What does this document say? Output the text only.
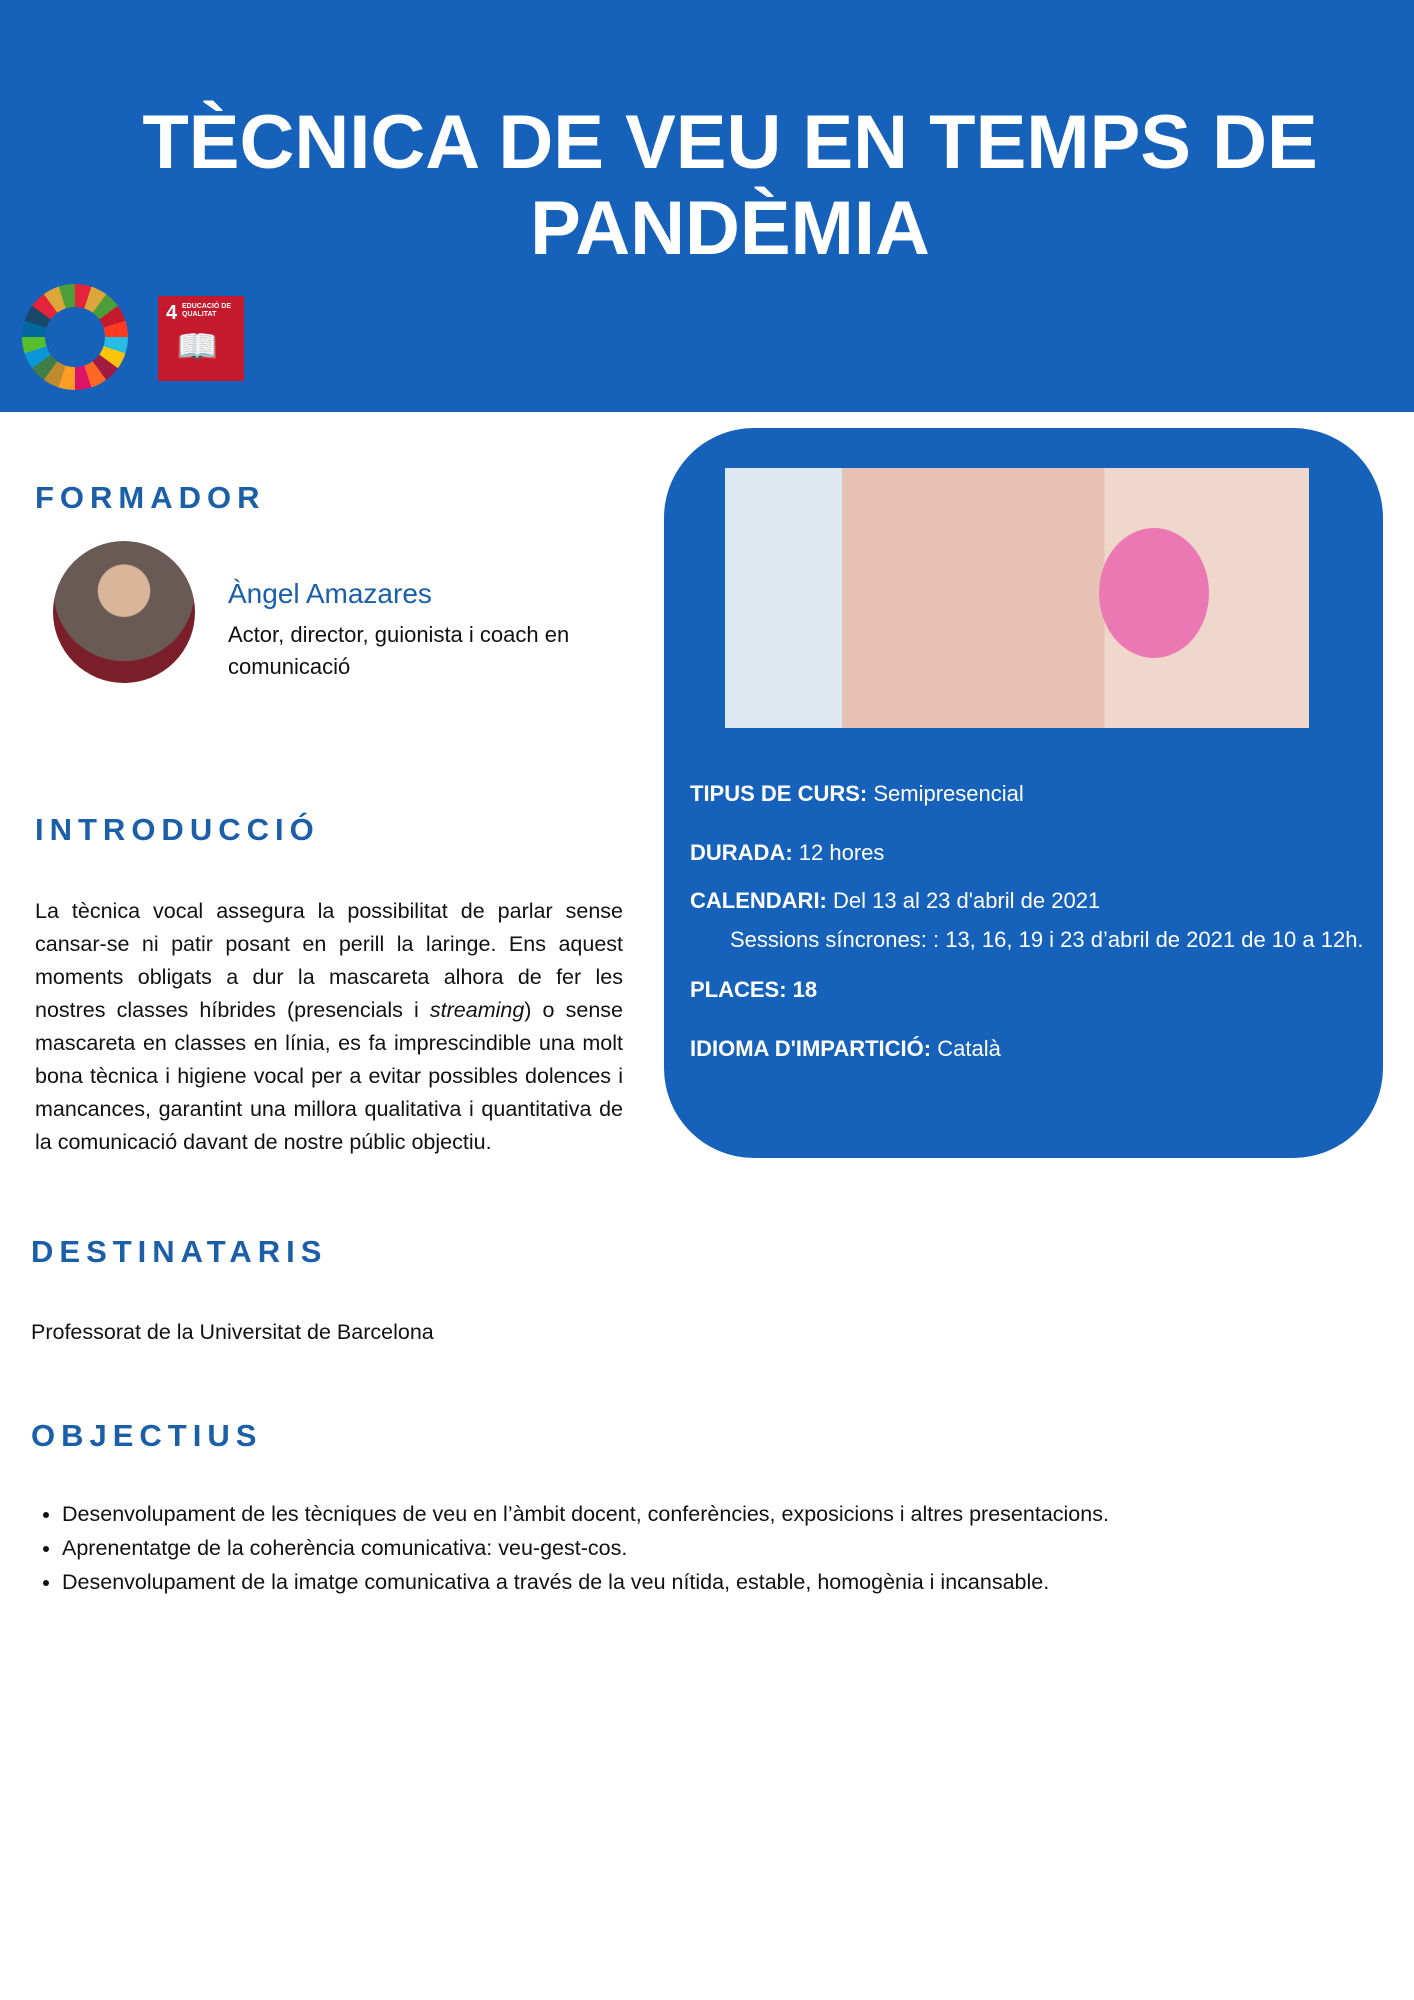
TÈCNICA DE VEU EN TEMPS DE PANDÈMIA
4 EDUCACIÓ DE QUALITAT
📖
FORMADOR
Àngel Amazares
Actor, director, guionista i coach en comunicació
INTRODUCCIÓ
La tècnica vocal assegura la possibilitat de parlar sense cansar-se ni patir posant en perill la laringe. Ens aquest moments obligats a dur la mascareta alhora de fer les nostres classes híbrides (presencials i streaming) o sense mascareta en classes en línia, es fa imprescindible una molt bona tècnica i higiene vocal per a evitar possibles dolences i mancances, garantint una millora qualitativa i quantitativa de la comunicació davant de nostre públic objectiu.
DESTINATARIS
Professorat de la Universitat de Barcelona
OBJECTIUS
• Desenvolupament de les tècniques de veu en l’àmbit docent, conferències, exposicions i altres presentacions.
• Aprenentatge de la coherència comunicativa: veu-gest-cos.
• Desenvolupament de la imatge comunicativa a través de la veu nítida, estable, homogènia i incansable.
TIPUS DE CURS: Semipresencial
DURADA: 12 hores
CALENDARI: Del 13 al 23 d'abril de 2021
Sessions síncrones: : 13, 16, 19 i 23 d’abril de 2021 de 10 a 12h.
PLACES: 18
IDIOMA D'IMPARTICIÓ: Català
